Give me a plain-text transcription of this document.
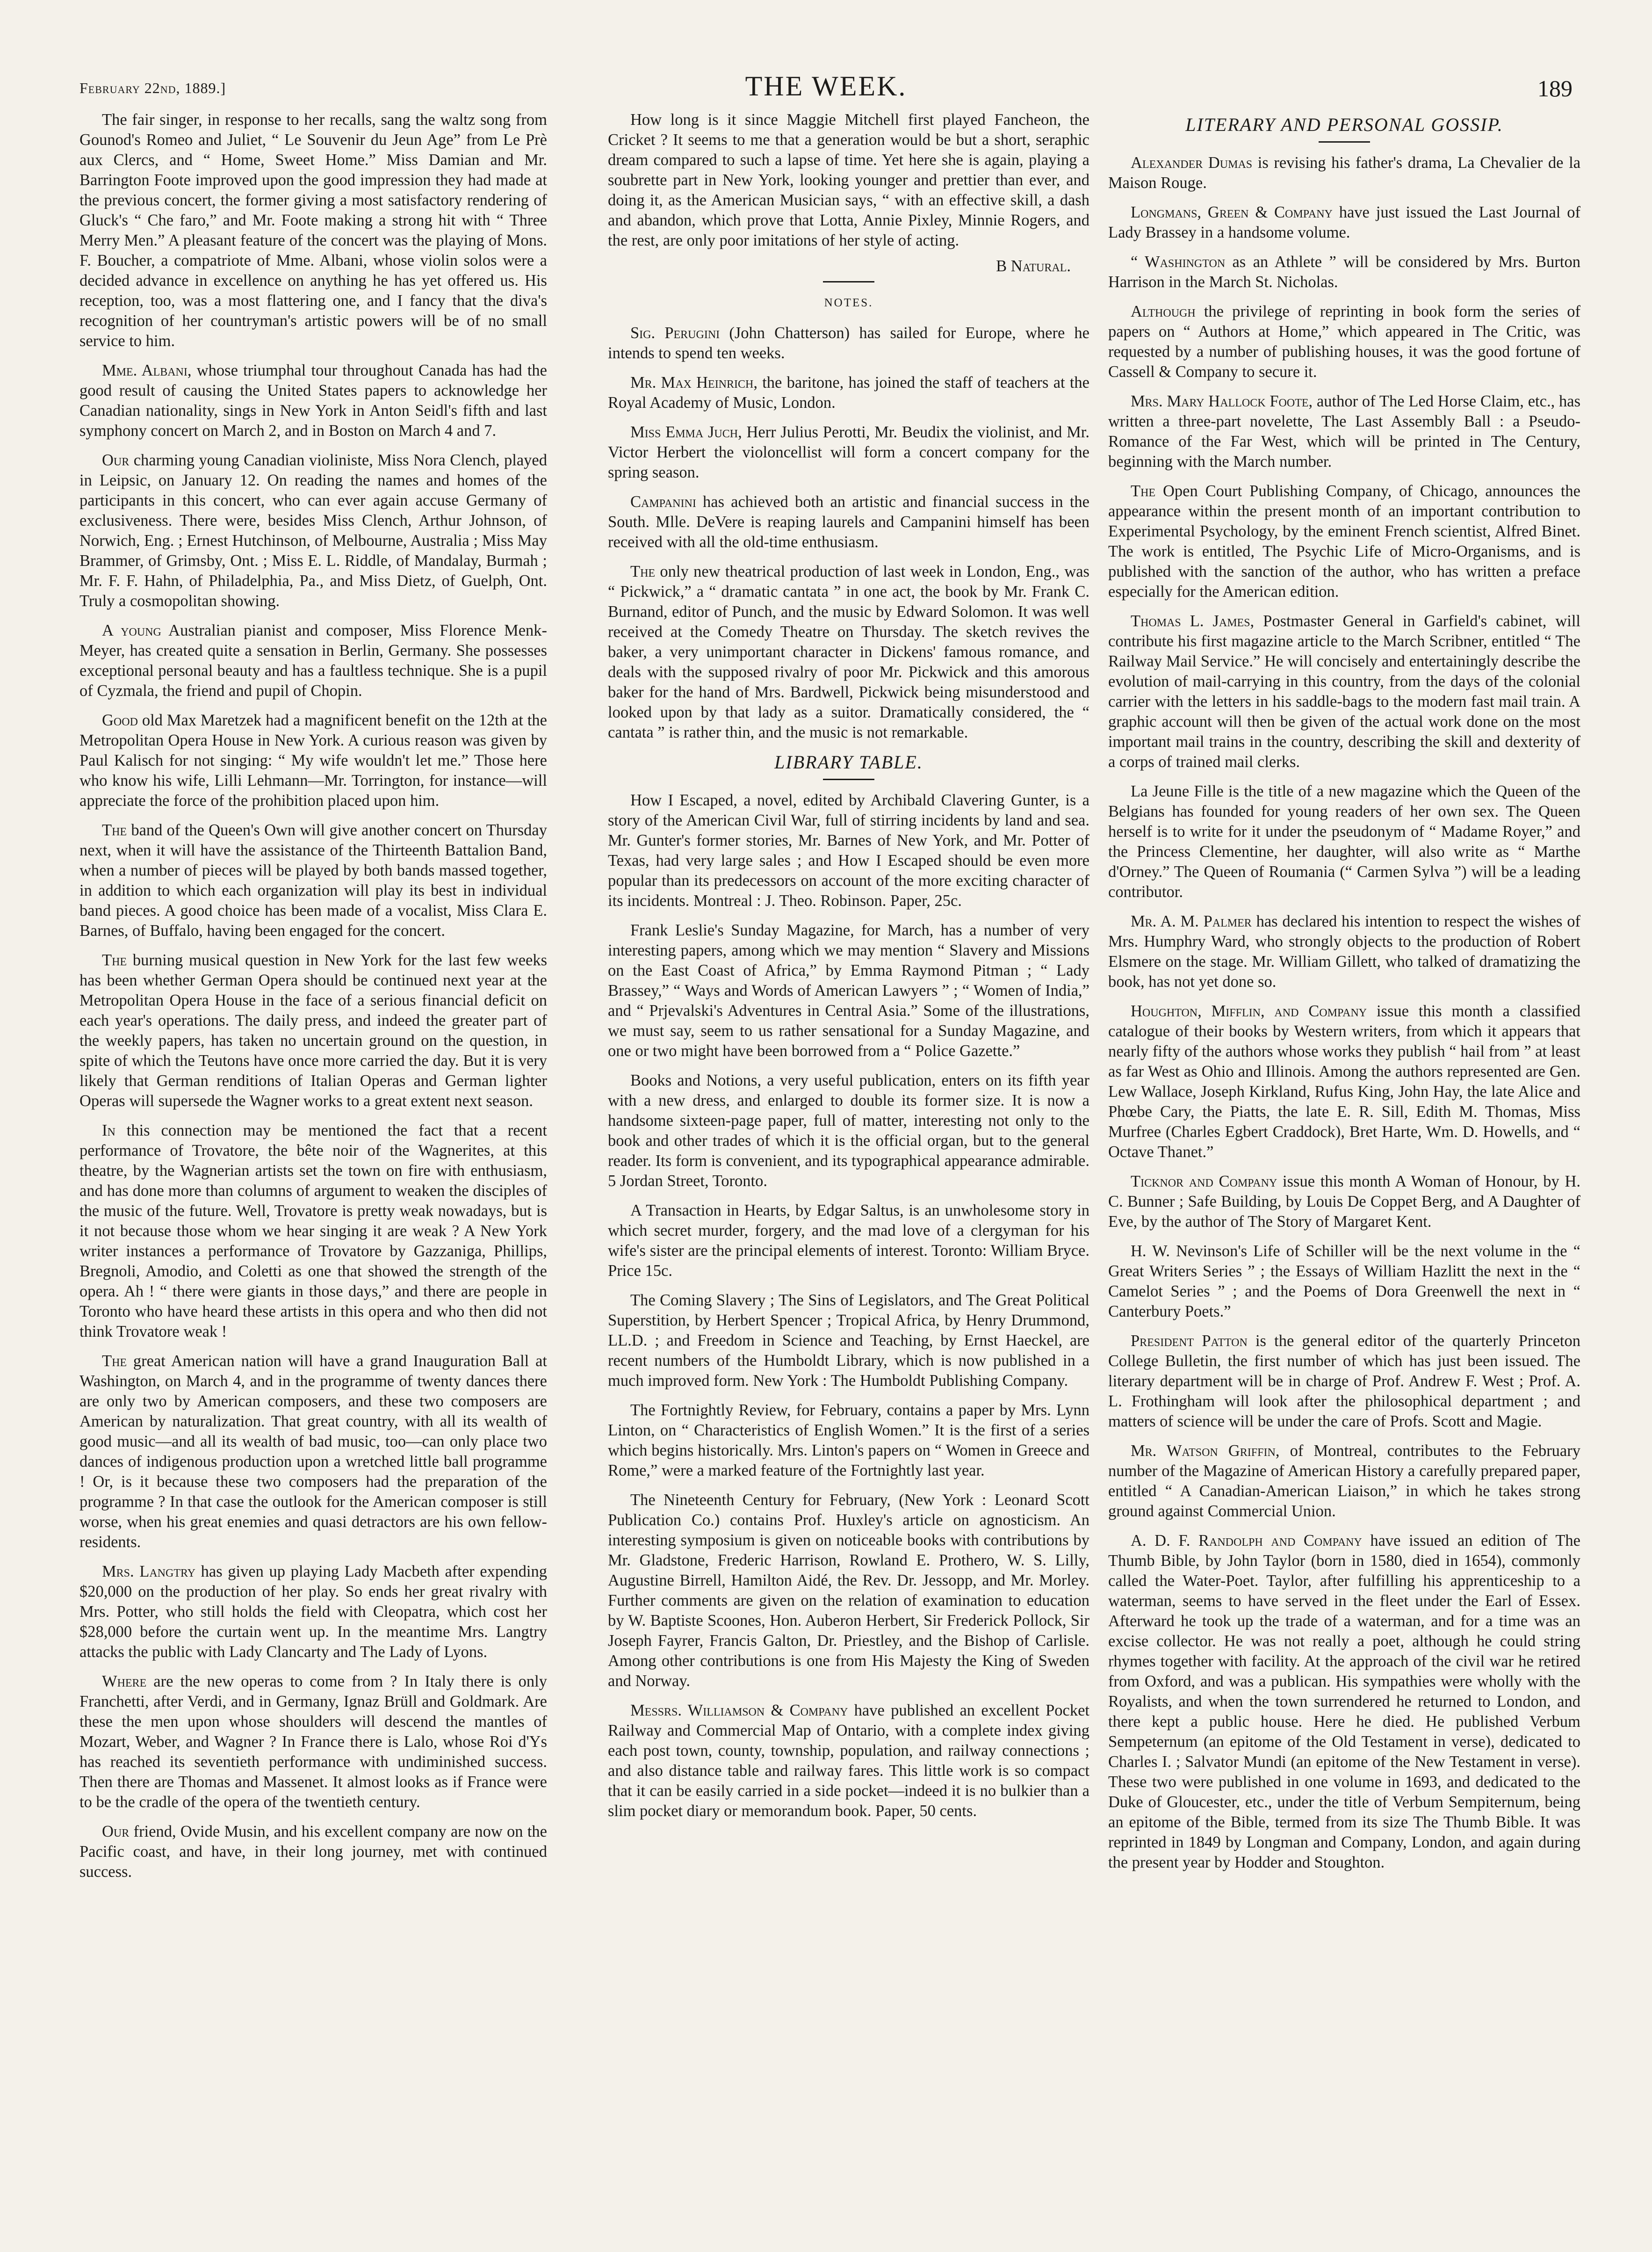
February 22nd, 1889.]	THE WEEK.	189

The fair singer, in response to her recalls, sang the waltz song from Gounod's Romeo and Juliet, “ Le Souvenir du Jeun Age” from Le Prè aux Clercs, and “ Home, Sweet Home.” Miss Damian and Mr. Barrington Foote improved upon the good impression they had made at the previous concert, the former giving a most satisfactory rendering of Gluck's “ Che faro,” and Mr. Foote making a strong hit with “ Three Merry Men.” A pleasant feature of the concert was the playing of Mons. F. Boucher, a compatriote of Mme. Albani, whose violin solos were a decided advance in excellence on anything he has yet offered us. His reception, too, was a most flattering one, and I fancy that the diva's recognition of her countryman's artistic powers will be of no small service to him.

Mme. Albani, whose triumphal tour throughout Canada has had the good result of causing the United States papers to acknowledge her Canadian nationality, sings in New York in Anton Seidl's fifth and last symphony concert on March 2, and in Boston on March 4 and 7.

Our charming young Canadian violiniste, Miss Nora Clench, played in Leipsic, on January 12. On reading the names and homes of the participants in this concert, who can ever again accuse Germany of exclusiveness. There were, besides Miss Clench, Arthur Johnson, of Norwich, Eng. ; Ernest Hutchinson, of Melbourne, Australia ; Miss May Brammer, of Grimsby, Ont. ; Miss E. L. Riddle, of Mandalay, Burmah ; Mr. F. F. Hahn, of Philadelphia, Pa., and Miss Dietz, of Guelph, Ont. Truly a cosmopolitan showing.

A young Australian pianist and composer, Miss Florence Menk-Meyer, has created quite a sensation in Berlin, Germany. She possesses exceptional personal beauty and has a faultless technique. She is a pupil of Cyzmala, the friend and pupil of Chopin.

Good old Max Maretzek had a magnificent benefit on the 12th at the Metropolitan Opera House in New York. A curious reason was given by Paul Kalisch for not singing: “ My wife wouldn't let me.” Those here who know his wife, Lilli Lehmann—Mr. Torrington, for instance—will appreciate the force of the prohibition placed upon him.

The band of the Queen's Own will give another concert on Thursday next, when it will have the assistance of the Thirteenth Battalion Band, when a number of pieces will be played by both bands massed together, in addition to which each organization will play its best in individual band pieces. A good choice has been made of a vocalist, Miss Clara E. Barnes, of Buffalo, having been engaged for the concert.

The burning musical question in New York for the last few weeks has been whether German Opera should be continued next year at the Metropolitan Opera House in the face of a serious financial deficit on each year's operations. The daily press, and indeed the greater part of the weekly papers, has taken no uncertain ground on the question, in spite of which the Teutons have once more carried the day. But it is very likely that German renditions of Italian Operas and German lighter Operas will supersede the Wagner works to a great extent next season.

In this connection may be mentioned the fact that a recent performance of Trovatore, the bête noir of the Wagnerites, at this theatre, by the Wagnerian artists set the town on fire with enthusiasm, and has done more than columns of argument to weaken the disciples of the music of the future. Well, Trovatore is pretty weak nowadays, but is it not because those whom we hear singing it are weak ? A New York writer instances a performance of Trovatore by Gazzaniga, Phillips, Bregnoli, Amodio, and Coletti as one that showed the strength of the opera. Ah ! “ there were giants in those days,” and there are people in Toronto who have heard these artists in this opera and who then did not think Trovatore weak !

The great American nation will have a grand Inauguration Ball at Washington, on March 4, and in the programme of twenty dances there are only two by American composers, and these two composers are American by naturalization. That great country, with all its wealth of good music—and all its wealth of bad music, too—can only place two dances of indigenous production upon a wretched little ball programme ! Or, is it because these two composers had the preparation of the programme ? In that case the outlook for the American composer is still worse, when his great enemies and quasi detractors are his own fellow-residents.

Mrs. Langtry has given up playing Lady Macbeth after expending $20,000 on the production of her play. So ends her great rivalry with Mrs. Potter, who still holds the field with Cleopatra, which cost her $28,000 before the curtain went up. In the meantime Mrs. Langtry attacks the public with Lady Clancarty and The Lady of Lyons.

Where are the new operas to come from ? In Italy there is only Franchetti, after Verdi, and in Germany, Ignaz Brüll and Goldmark. Are these the men upon whose shoulders will descend the mantles of Mozart, Weber, and Wagner ? In France there is Lalo, whose Roi d'Ys has reached its seventieth performance with undiminished success. Then there are Thomas and Massenet. It almost looks as if France were to be the cradle of the opera of the twentieth century.

Our friend, Ovide Musin, and his excellent company are now on the Pacific coast, and have, in their long journey, met with continued success.

How long is it since Maggie Mitchell first played Fancheon, the Cricket ? It seems to me that a generation would be but a short, seraphic dream compared to such a lapse of time. Yet here she is again, playing a soubrette part in New York, looking younger and prettier than ever, and doing it, as the American Musician says, “ with an effective skill, a dash and abandon, which prove that Lotta, Annie Pixley, Minnie Rogers, and the rest, are only poor imitations of her style of acting.

B Natural.
NOTES.

Sig. Perugini (John Chatterson) has sailed for Europe, where he intends to spend ten weeks.

Mr. Max Heinrich, the baritone, has joined the staff of teachers at the Royal Academy of Music, London.

Miss Emma Juch, Herr Julius Perotti, Mr. Beudix the violinist, and Mr. Victor Herbert the violoncellist will form a concert company for the spring season.

Campanini has achieved both an artistic and financial success in the South. Mlle. DeVere is reaping laurels and Campanini himself has been received with all the old-time enthusiasm.

The only new theatrical production of last week in London, Eng., was “ Pickwick,” a “ dramatic cantata ” in one act, the book by Mr. Frank C. Burnand, editor of Punch, and the music by Edward Solomon. It was well received at the Comedy Theatre on Thursday. The sketch revives the baker, a very unimportant character in Dickens' famous romance, and deals with the supposed rivalry of poor Mr. Pickwick and this amorous baker for the hand of Mrs. Bardwell, Pickwick being misunderstood and looked upon by that lady as a suitor. Dramatically considered, the “ cantata ” is rather thin, and the music is not remarkable.

LIBRARY TABLE.

How I Escaped, a novel, edited by Archibald Clavering Gunter, is a story of the American Civil War, full of stirring incidents by land and sea. Mr. Gunter's former stories, Mr. Barnes of New York, and Mr. Potter of Texas, had very large sales ; and How I Escaped should be even more popular than its predecessors on account of the more exciting character of its incidents. Montreal : J. Theo. Robinson. Paper, 25c.

Frank Leslie's Sunday Magazine, for March, has a number of very interesting papers, among which we may mention “ Slavery and Missions on the East Coast of Africa,” by Emma Raymond Pitman ; “ Lady Brassey,” “ Ways and Words of American Lawyers ” ; “ Women of India,” and “ Prjevalski's Adventures in Central Asia.” Some of the illustrations, we must say, seem to us rather sensational for a Sunday Magazine, and one or two might have been borrowed from a “ Police Gazette.”

Books and Notions, a very useful publication, enters on its fifth year with a new dress, and enlarged to double its former size. It is now a handsome sixteen-page paper, full of matter, interesting not only to the book and other trades of which it is the official organ, but to the general reader. Its form is convenient, and its typographical appearance admirable. 5 Jordan Street, Toronto.

A Transaction in Hearts, by Edgar Saltus, is an unwholesome story in which secret murder, forgery, and the mad love of a clergyman for his wife's sister are the principal elements of interest. Toronto: William Bryce. Price 15c.

The Coming Slavery ; The Sins of Legislators, and The Great Political Superstition, by Herbert Spencer ; Tropical Africa, by Henry Drummond, LL.D. ; and Freedom in Science and Teaching, by Ernst Haeckel, are recent numbers of the Humboldt Library, which is now published in a much improved form. New York : The Humboldt Publishing Company.

The Fortnightly Review, for February, contains a paper by Mrs. Lynn Linton, on “ Characteristics of English Women.” It is the first of a series which begins historically. Mrs. Linton's papers on “ Women in Greece and Rome,” were a marked feature of the Fortnightly last year.

The Nineteenth Century for February, (New York : Leonard Scott Publication Co.) contains Prof. Huxley's article on agnosticism. An interesting symposium is given on noticeable books with contributions by Mr. Gladstone, Frederic Harrison, Rowland E. Prothero, W. S. Lilly, Augustine Birrell, Hamilton Aidé, the Rev. Dr. Jessopp, and Mr. Morley. Further comments are given on the relation of examination to education by W. Baptiste Scoones, Hon. Auberon Herbert, Sir Frederick Pollock, Sir Joseph Fayrer, Francis Galton, Dr. Priestley, and the Bishop of Carlisle. Among other contributions is one from His Majesty the King of Sweden and Norway.

Messrs. Williamson & Company have published an excellent Pocket Railway and Commercial Map of Ontario, with a complete index giving each post town, county, township, population, and railway connections ; and also distance table and railway fares. This little work is so compact that it can be easily carried in a side pocket—indeed it is no bulkier than a slim pocket diary or memorandum book. Paper, 50 cents.

LITERARY AND PERSONAL GOSSIP.

Alexander Dumas is revising his father's drama, La Chevalier de la Maison Rouge.

Longmans, Green & Company have just issued the Last Journal of Lady Brassey in a handsome volume.

“ Washington as an Athlete ” will be considered by Mrs. Burton Harrison in the March St. Nicholas.

Although the privilege of reprinting in book form the series of papers on “ Authors at Home,” which appeared in The Critic, was requested by a number of publishing houses, it was the good fortune of Cassell & Company to secure it.

Mrs. Mary Hallock Foote, author of The Led Horse Claim, etc., has written a three-part novelette, The Last Assembly Ball : a Pseudo-Romance of the Far West, which will be printed in The Century, beginning with the March number.

The Open Court Publishing Company, of Chicago, announces the appearance within the present month of an important contribution to Experimental Psychology, by the eminent French scientist, Alfred Binet. The work is entitled, The Psychic Life of Micro-Organisms, and is published with the sanction of the author, who has written a preface especially for the American edition.

Thomas L. James, Postmaster General in Garfield's cabinet, will contribute his first magazine article to the March Scribner, entitled “ The Railway Mail Service.” He will concisely and entertainingly describe the evolution of mail-carrying in this country, from the days of the colonial carrier with the letters in his saddle-bags to the modern fast mail train. A graphic account will then be given of the actual work done on the most important mail trains in the country, describing the skill and dexterity of a corps of trained mail clerks.

La Jeune Fille is the title of a new magazine which the Queen of the Belgians has founded for young readers of her own sex. The Queen herself is to write for it under the pseudonym of “ Madame Royer,” and the Princess Clementine, her daughter, will also write as “ Marthe d'Orney.” The Queen of Roumania (“ Carmen Sylva ”) will be a leading contributor.

Mr. A. M. Palmer has declared his intention to respect the wishes of Mrs. Humphry Ward, who strongly objects to the production of Robert Elsmere on the stage. Mr. William Gillett, who talked of dramatizing the book, has not yet done so.

Houghton, Mifflin, and Company issue this month a classified catalogue of their books by Western writers, from which it appears that nearly fifty of the authors whose works they publish “ hail from ” at least as far West as Ohio and Illinois. Among the authors represented are Gen. Lew Wallace, Joseph Kirkland, Rufus King, John Hay, the late Alice and Phœbe Cary, the Piatts, the late E. R. Sill, Edith M. Thomas, Miss Murfree (Charles Egbert Craddock), Bret Harte, Wm. D. Howells, and “ Octave Thanet.”

Ticknor and Company issue this month A Woman of Honour, by H. C. Bunner ; Safe Building, by Louis De Coppet Berg, and A Daughter of Eve, by the author of The Story of Margaret Kent.

H. W. Nevinson's Life of Schiller will be the next volume in the “ Great Writers Series ” ; the Essays of William Hazlitt the next in the “ Camelot Series ” ; and the Poems of Dora Greenwell the next in “ Canterbury Poets.”

President Patton is the general editor of the quarterly Princeton College Bulletin, the first number of which has just been issued. The literary department will be in charge of Prof. Andrew F. West ; Prof. A. L. Frothingham will look after the philosophical department ; and matters of science will be under the care of Profs. Scott and Magie.

Mr. Watson Griffin, of Montreal, contributes to the February number of the Magazine of American History a carefully prepared paper, entitled “ A Canadian-American Liaison,” in which he takes strong ground against Commercial Union.

A. D. F. Randolph and Company have issued an edition of The Thumb Bible, by John Taylor (born in 1580, died in 1654), commonly called the Water-Poet. Taylor, after fulfilling his apprenticeship to a waterman, seems to have served in the fleet under the Earl of Essex. Afterward he took up the trade of a waterman, and for a time was an excise collector. He was not really a poet, although he could string rhymes together with facility. At the approach of the civil war he retired from Oxford, and was a publican. His sympathies were wholly with the Royalists, and when the town surrendered he returned to London, and there kept a public house. Here he died. He published Verbum Sempeternum (an epitome of the Old Testament in verse), dedicated to Charles I. ; Salvator Mundi (an epitome of the New Testament in verse). These two were published in one volume in 1693, and dedicated to the Duke of Gloucester, etc., under the title of Verbum Sempiternum, being an epitome of the Bible, termed from its size The Thumb Bible. It was reprinted in 1849 by Longman and Company, London, and again during the present year by Hodder and Stoughton.
